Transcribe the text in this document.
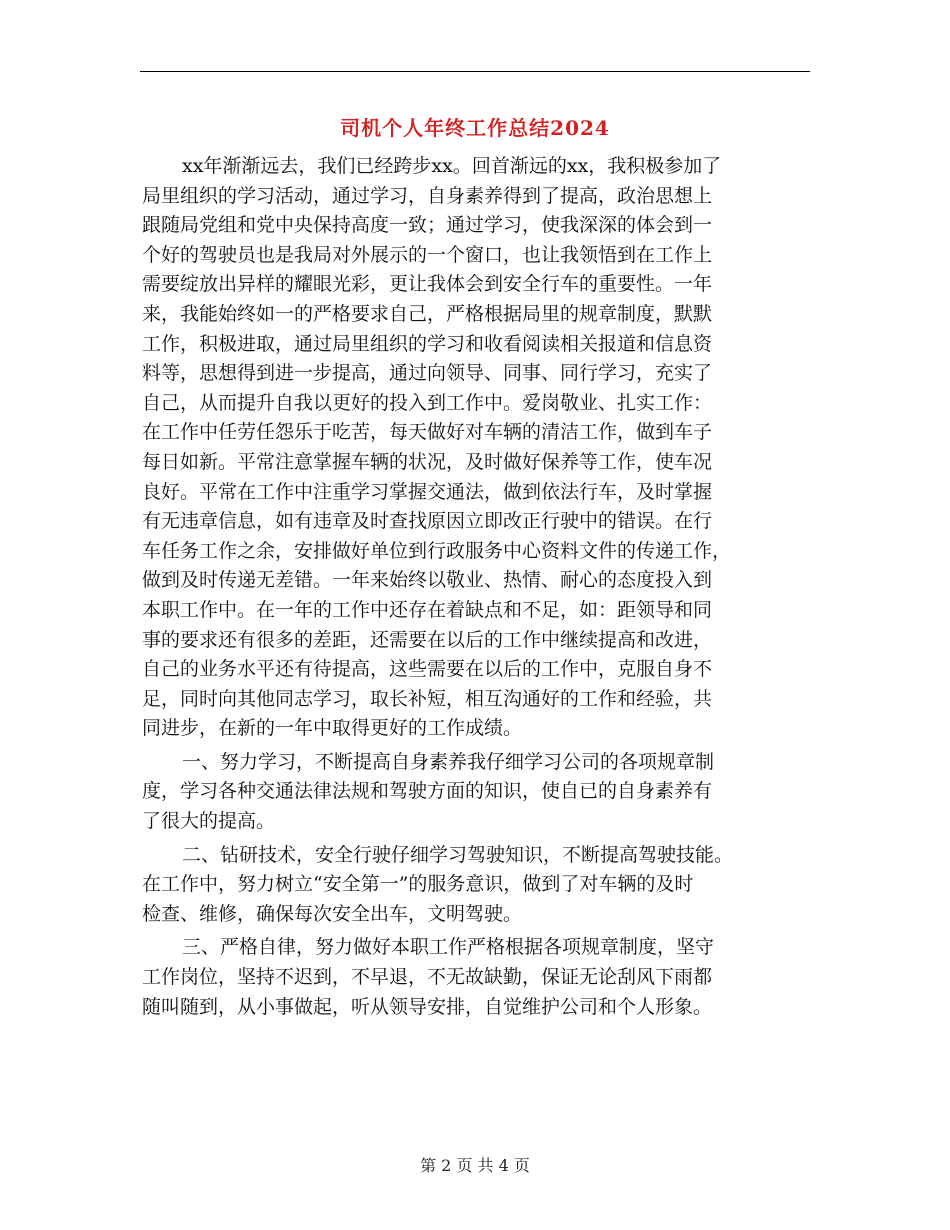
司机个人年终工作总结2024
xx年渐渐远去，我们已经跨步xx。回首渐远的xx，我积极参加了
局里组织的学习活动，通过学习，自身素养得到了提高，政治思想上
跟随局党组和党中央保持高度一致；通过学习，使我深深的体会到一
个好的驾驶员也是我局对外展示的一个窗口，也让我领悟到在工作上
需要绽放出异样的耀眼光彩，更让我体会到安全行车的重要性。一年
来，我能始终如一的严格要求自己，严格根据局里的规章制度，默默
工作，积极进取，通过局里组织的学习和收看阅读相关报道和信息资
料等，思想得到进一步提高，通过向领导、同事、同行学习，充实了
自己，从而提升自我以更好的投入到工作中。爱岗敬业、扎实工作：
在工作中任劳任怨乐于吃苦，每天做好对车辆的清洁工作，做到车子
每日如新。平常注意掌握车辆的状况，及时做好保养等工作，使车况
良好。平常在工作中注重学习掌握交通法，做到依法行车，及时掌握
有无违章信息，如有违章及时查找原因立即改正行驶中的错误。在行
车任务工作之余，安排做好单位到行政服务中心资料文件的传递工作，
做到及时传递无差错。一年来始终以敬业、热情、耐心的态度投入到
本职工作中。在一年的工作中还存在着缺点和不足，如：距领导和同
事的要求还有很多的差距，还需要在以后的工作中继续提高和改进，
自己的业务水平还有待提高，这些需要在以后的工作中，克服自身不
足，同时向其他同志学习，取长补短，相互沟通好的工作和经验，共
同进步，在新的一年中取得更好的工作成绩。
一、努力学习，不断提高自身素养我仔细学习公司的各项规章制
度，学习各种交通法律法规和驾驶方面的知识，使自已的自身素养有
了很大的提高。
二、钻研技术，安全行驶仔细学习驾驶知识，不断提高驾驶技能。
在工作中，努力树立“安全第一”的服务意识，做到了对车辆的及时
检查、维修，确保每次安全出车，文明驾驶。
三、严格自律，努力做好本职工作严格根据各项规章制度，坚守
工作岗位，坚持不迟到，不早退，不无故缺勤，保证无论刮风下雨都
随叫随到，从小事做起，听从领导安排，自觉维护公司和个人形象。
第 2 页 共 4 页
